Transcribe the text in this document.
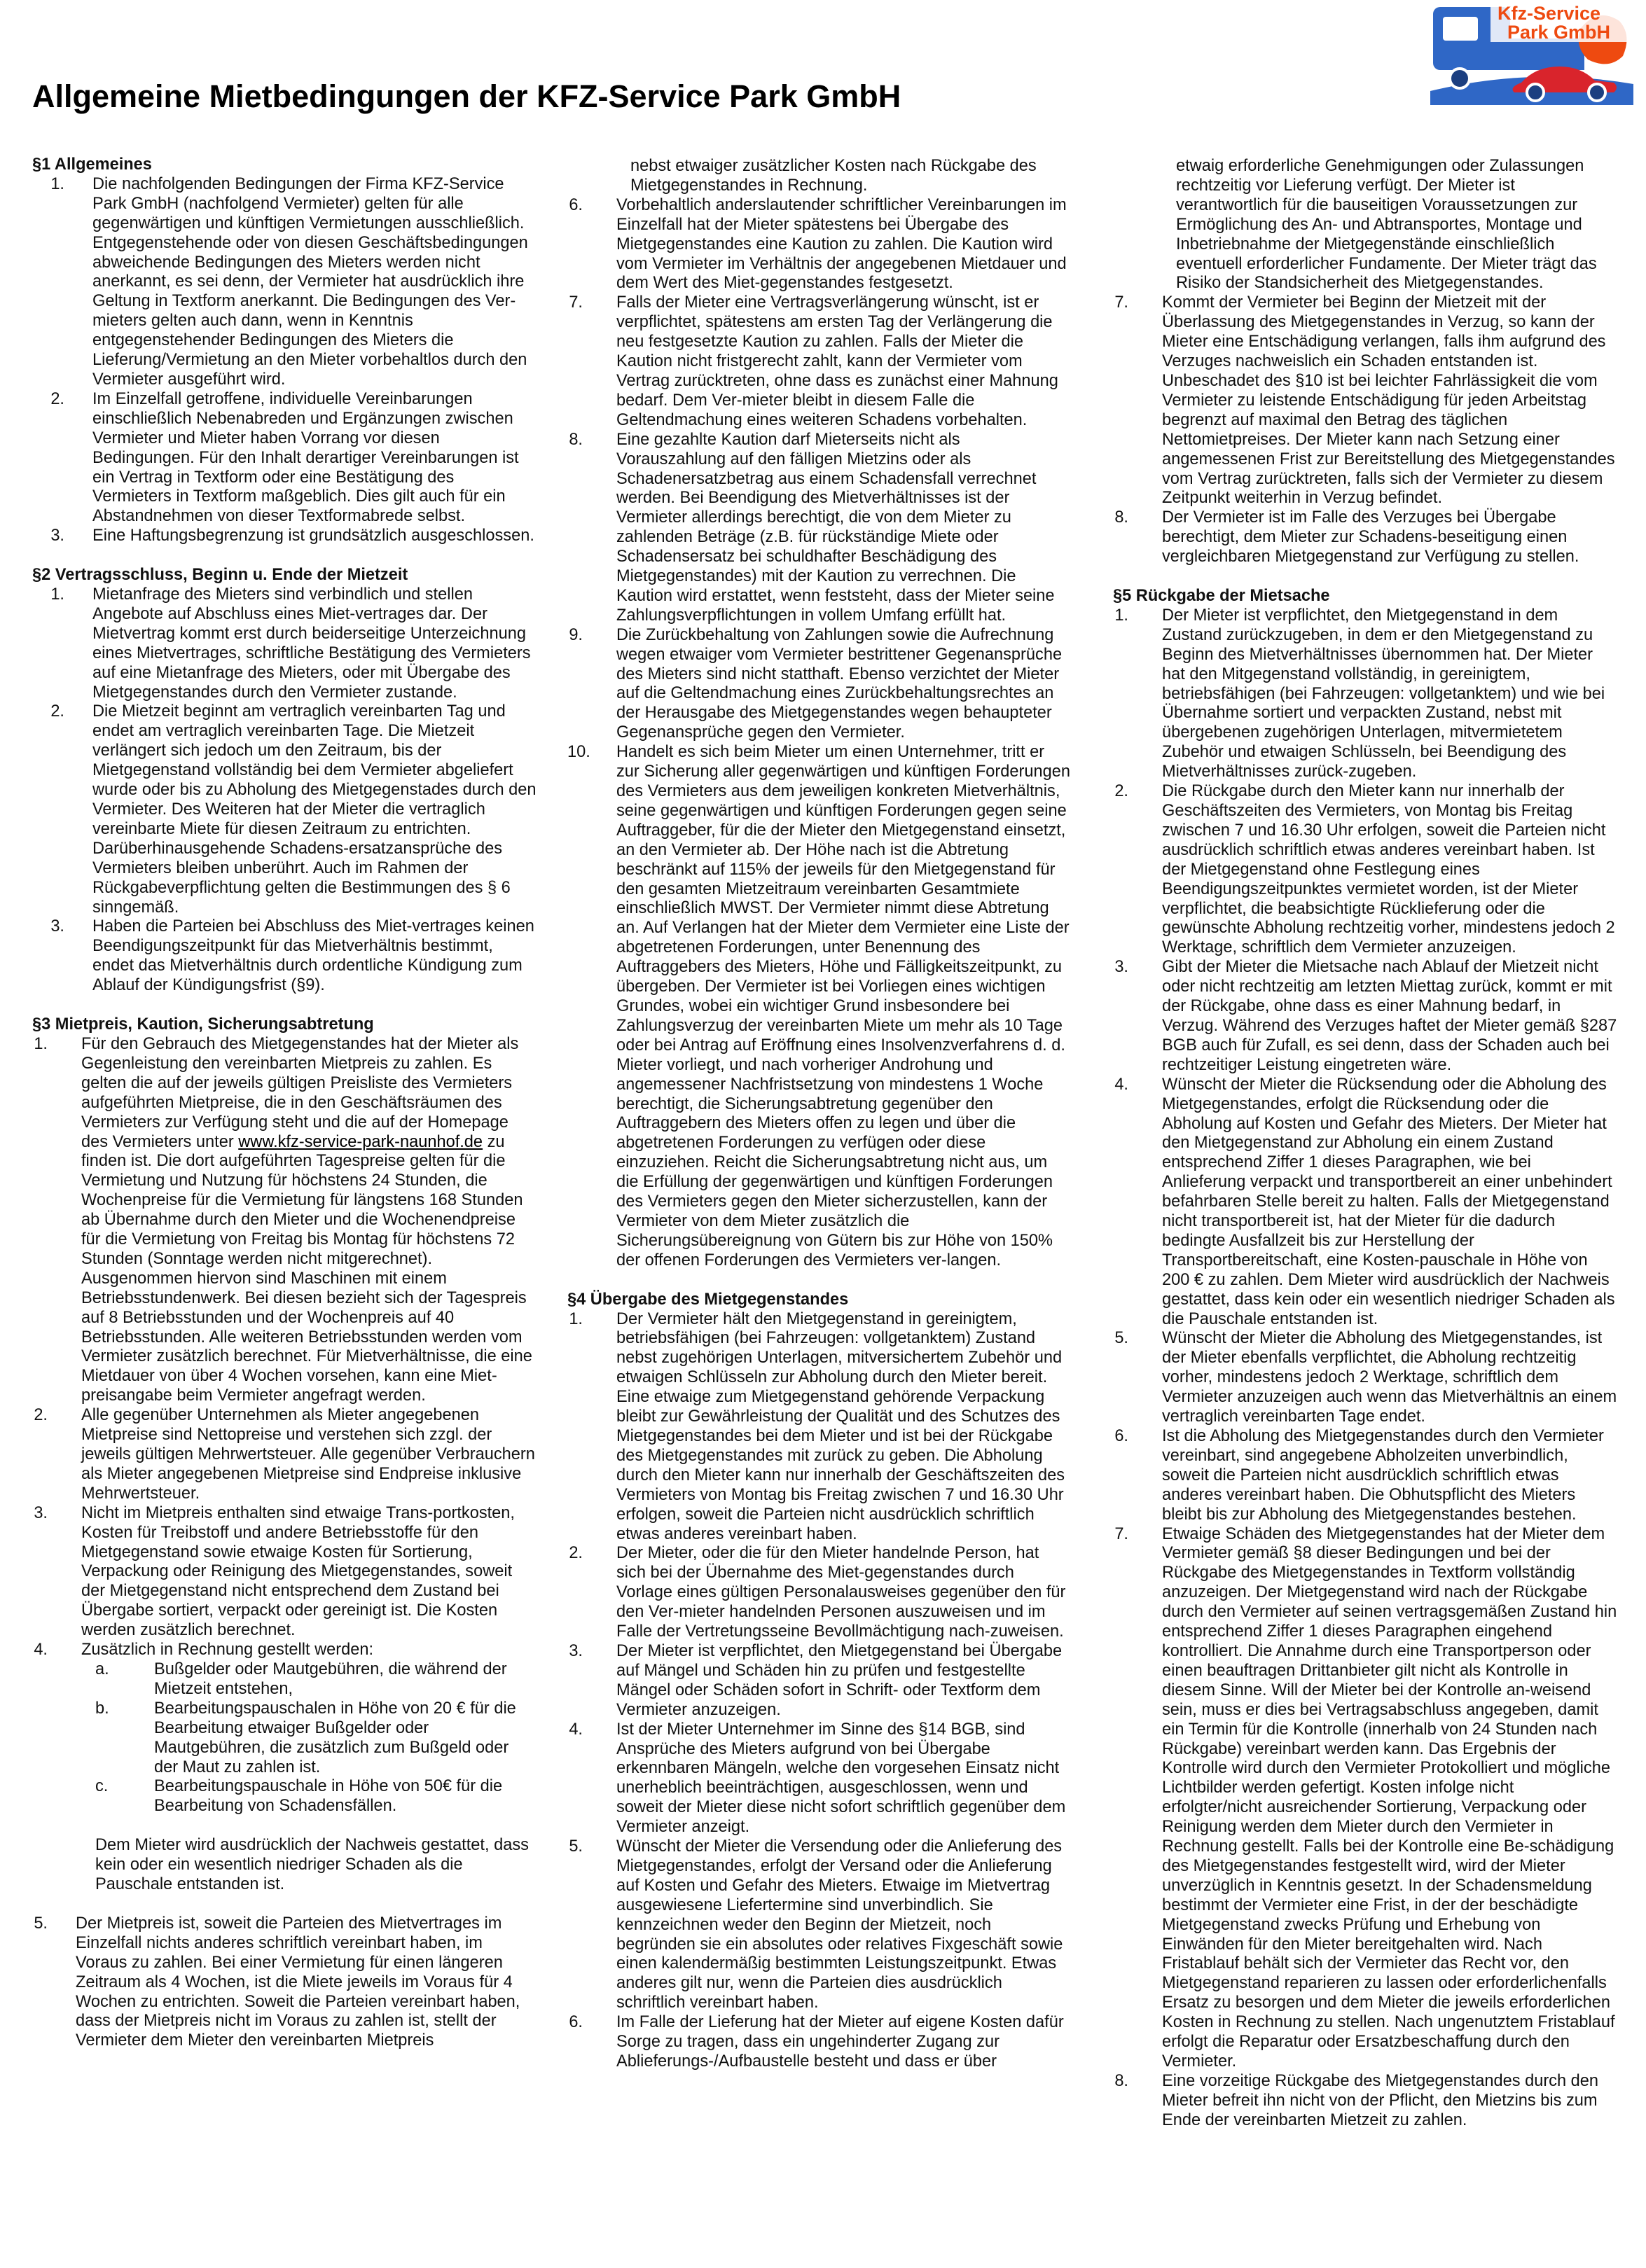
Kfz-Service
Park GmbH
Allgemeine Mietbedingungen der KFZ-Service Park GmbH
§1 Allgemeines
1.	Die nachfolgenden Bedingungen der Firma KFZ-Service Park GmbH (nachfolgend Vermieter) gelten für alle gegenwärtigen und künftigen Vermietungen ausschließlich. Entgegenstehende oder von diesen Geschäftsbedingungen abweichende Bedingungen des Mieters werden nicht anerkannt, es sei denn, der Vermieter hat ausdrücklich ihre Geltung in Textform anerkannt. Die Bedingungen des Ver-mieters gelten auch dann, wenn in Kenntnis entgegenstehender Bedingungen des Mieters die Lieferung/Vermietung an den Mieter vorbehaltlos durch den Vermieter ausgeführt wird.
2.	Im Einzelfall getroffene, individuelle Vereinbarungen einschließlich Nebenabreden und Ergänzungen zwischen Vermieter und Mieter haben Vorrang vor diesen Bedingungen. Für den Inhalt derartiger Vereinbarungen ist ein Vertrag in Textform oder eine Bestätigung des Vermieters in Textform maßgeblich. Dies gilt auch für ein Abstandnehmen von dieser Textformabrede selbst.
3.	Eine Haftungsbegrenzung ist grundsätzlich ausgeschlossen.
§2 Vertragsschluss, Beginn u. Ende der Mietzeit
1.	Mietanfrage des Mieters sind verbindlich und stellen Angebote auf Abschluss eines Miet-vertrages dar. Der Mietvertrag kommt erst durch beiderseitige Unterzeichnung eines Mietvertrages, schriftliche Bestätigung des Vermieters auf eine Mietanfrage des Mieters, oder mit Übergabe des Mietgegenstandes durch den Vermieter zustande.
2.	Die Mietzeit beginnt am vertraglich vereinbarten Tag und endet am vertraglich vereinbarten Tage. Die Mietzeit verlängert sich jedoch um den Zeitraum, bis der Mietgegenstand vollständig bei dem Vermieter abgeliefert wurde oder bis zu Abholung des Mietgegenstades durch den Vermieter. Des Weiteren hat der Mieter die vertraglich vereinbarte Miete für diesen Zeitraum zu entrichten. Darüberhinausgehende Schadens-ersatzansprüche des Vermieters bleiben unberührt. Auch im Rahmen der Rückgabeverpflichtung gelten die Bestimmungen des § 6 sinngemäß.
3.	Haben die Parteien bei Abschluss des Miet-vertrages keinen Beendigungszeitpunkt für das Mietverhältnis bestimmt, endet das Mietverhältnis durch ordentliche Kündigung zum Ablauf der Kündigungsfrist (§9).
§3 Mietpreis, Kaution, Sicherungsabtretung
1.	Für den Gebrauch des Mietgegenstandes hat der Mieter als Gegenleistung den vereinbarten Mietpreis zu zahlen. Es gelten die auf der jeweils gültigen Preisliste des Vermieters aufgeführten Mietpreise, die in den Geschäftsräumen des Vermieters zur Verfügung steht und die auf der Homepage des Vermieters unter www.kfz-service-park-naunhof.de zu finden ist. Die dort aufgeführten Tagespreise gelten für die Vermietung und Nutzung für höchstens 24 Stunden, die Wochenpreise für die Vermietung für längstens 168 Stunden ab Übernahme durch den Mieter und die Wochenendpreise für die Vermietung von Freitag bis Montag für höchstens 72 Stunden (Sonntage werden nicht mitgerechnet). Ausgenommen hiervon sind Maschinen mit einem Betriebsstundenwerk. Bei diesen bezieht sich der Tagespreis auf 8 Betriebsstunden und der Wochenpreis auf 40 Betriebsstunden. Alle weiteren Betriebsstunden werden vom Vermieter zusätzlich berechnet. Für Mietverhältnisse, die eine Mietdauer von über 4 Wochen vorsehen, kann eine Miet-preisangabe beim Vermieter angefragt werden.
2.	Alle gegenüber Unternehmen als Mieter angegebenen Mietpreise sind Nettopreise und verstehen sich zzgl. der jeweils gültigen Mehrwertsteuer. Alle gegenüber Verbrauchern als Mieter angegebenen Mietpreise sind Endpreise inklusive Mehrwertsteuer.
3.	Nicht im Mietpreis enthalten sind etwaige Trans-portkosten, Kosten für Treibstoff und andere Betriebsstoffe für den Mietgegenstand sowie etwaige Kosten für Sortierung, Verpackung oder Reinigung des Mietgegenstandes, soweit der Mietgegenstand nicht entsprechend dem Zustand bei Übergabe sortiert, verpackt oder gereinigt ist. Die Kosten werden zusätzlich berechnet.
4.	Zusätzlich in Rechnung gestellt werden:
a.	Bußgelder oder Mautgebühren, die während der Mietzeit entstehen,
b.	Bearbeitungspauschalen in Höhe von 20 € für die Bearbeitung etwaiger Bußgelder oder Mautgebühren, die zusätzlich zum Bußgeld oder der Maut zu zahlen ist.
c.	Bearbeitungspauschale in Höhe von 50€ für die Bearbeitung von Schadensfällen.
Dem Mieter wird ausdrücklich der Nachweis gestattet, dass kein oder ein wesentlich niedriger Schaden als die Pauschale entstanden ist.
5.	Der Mietpreis ist, soweit die Parteien des Mietvertrages im Einzelfall nichts anderes schriftlich vereinbart haben, im Voraus zu zahlen. Bei einer Vermietung für einen längeren Zeitraum als 4 Wochen, ist die Miete jeweils im Voraus für 4 Wochen zu entrichten. Soweit die Parteien vereinbart haben, dass der Mietpreis nicht im Voraus zu zahlen ist, stellt der Vermieter dem Mieter den vereinbarten Mietpreis
nebst etwaiger zusätzlicher Kosten nach Rückgabe des Mietgegenstandes in Rechnung.
6.	Vorbehaltlich anderslautender schriftlicher Vereinbarungen im Einzelfall hat der Mieter spätestens bei Übergabe des Mietgegenstandes eine Kaution zu zahlen. Die Kaution wird vom Vermieter im Verhältnis der angegebenen Mietdauer und dem Wert des Miet-gegenstandes festgesetzt.
7.	Falls der Mieter eine Vertragsverlängerung wünscht, ist er verpflichtet, spätestens am ersten Tag der Verlängerung die neu festgesetzte Kaution zu zahlen. Falls der Mieter die Kaution nicht fristgerecht zahlt, kann der Vermieter vom Vertrag zurücktreten, ohne dass es zunächst einer Mahnung bedarf. Dem Ver-mieter bleibt in diesem Falle die Geltendmachung eines weiteren Schadens vorbehalten.
8.	Eine gezahlte Kaution darf Mieterseits nicht als Vorauszahlung auf den fälligen Mietzins oder als Schadenersatzbetrag aus einem Schadensfall verrechnet werden. Bei Beendigung des Mietverhältnisses ist der Vermieter allerdings berechtigt, die von dem Mieter zu zahlenden Beträge (z.B. für rückständige Miete oder Schadensersatz bei schuldhafter Beschädigung des Mietgegenstandes) mit der Kaution zu verrechnen. Die Kaution wird erstattet, wenn feststeht, dass der Mieter seine Zahlungsverpflichtungen in vollem Umfang erfüllt hat.
9.	Die Zurückbehaltung von Zahlungen sowie die Aufrechnung wegen etwaiger vom Vermieter bestrittener Gegenansprüche des Mieters sind nicht statthaft. Ebenso verzichtet der Mieter auf die Geltendmachung eines Zurückbehaltungsrechtes an der Herausgabe des Mietgegenstandes wegen behaupteter Gegenansprüche gegen den Vermieter.
10.	Handelt es sich beim Mieter um einen Unternehmer, tritt er zur Sicherung aller gegenwärtigen und künftigen Forderungen des Vermieters aus dem jeweiligen konkreten Mietverhältnis, seine gegenwärtigen und künftigen Forderungen gegen seine Auftraggeber, für die der Mieter den Mietgegenstand einsetzt, an den Vermieter ab. Der Höhe nach ist die Abtretung beschränkt auf 115% der jeweils für den Mietgegenstand für den gesamten Mietzeitraum vereinbarten Gesamtmiete einschließlich MWST. Der Vermieter nimmt diese Abtretung an. Auf Verlangen hat der Mieter dem Vermieter eine Liste der abgetretenen Forderungen, unter Benennung des Auftraggebers des Mieters, Höhe und Fälligkeitszeitpunkt, zu übergeben. Der Vermieter ist bei Vorliegen eines wichtigen Grundes, wobei ein wichtiger Grund insbesondere bei Zahlungsverzug der vereinbarten Miete um mehr als 10 Tage oder bei Antrag auf Eröffnung eines Insolvenzverfahrens d. d. Mieter vorliegt, und nach vorheriger Androhung und angemessener Nachfristsetzung von mindestens 1 Woche berechtigt, die Sicherungsabtretung gegenüber den Auftraggebern des Mieters offen zu legen und über die abgetretenen Forderungen zu verfügen oder diese einzuziehen. Reicht die Sicherungsabtretung nicht aus, um die Erfüllung der gegenwärtigen und künftigen Forderungen des Vermieters gegen den Mieter sicherzustellen, kann der Vermieter von dem Mieter zusätzlich die Sicherungsübereignung von Gütern bis zur Höhe von 150% der offenen Forderungen des Vermieters ver-langen.
§4 Übergabe des Mietgegenstandes
1.	Der Vermieter hält den Mietgegenstand in gereinigtem, betriebsfähigen (bei Fahrzeugen: vollgetanktem) Zustand nebst zugehörigen Unterlagen, mitversichertem Zubehör und etwaigen Schlüsseln zur Abholung durch den Mieter bereit. Eine etwaige zum Mietgegenstand gehörende Verpackung bleibt zur Gewährleistung der Qualität und des Schutzes des Mietgegenstandes bei dem Mieter und ist bei der Rückgabe des Mietgegenstandes mit zurück zu geben. Die Abholung durch den Mieter kann nur innerhalb der Geschäftszeiten des Vermieters von Montag bis Freitag zwischen 7 und 16.30 Uhr erfolgen, soweit die Parteien nicht ausdrücklich schriftlich etwas anderes vereinbart haben.
2.	Der Mieter, oder die für den Mieter handelnde Person, hat sich bei der Übernahme des Miet-gegenstandes durch Vorlage eines gültigen Personalausweises gegenüber den für den Ver-mieter handelnden Personen auszuweisen und im Falle der Vertretungsseine Bevollmächtigung nach-zuweisen.
3.	Der Mieter ist verpflichtet, den Mietgegenstand bei Übergabe auf Mängel und Schäden hin zu prüfen und festgestellte Mängel oder Schäden sofort in Schrift- oder Textform dem Vermieter anzuzeigen.
4.	Ist der Mieter Unternehmer im Sinne des §14 BGB, sind Ansprüche des Mieters aufgrund von bei Übergabe erkennbaren Mängeln, welche den vorgesehen Einsatz nicht unerheblich beeinträchtigen, ausgeschlossen, wenn und soweit der Mieter diese nicht sofort schriftlich gegenüber dem Vermieter anzeigt.
5.	Wünscht der Mieter die Versendung oder die Anlieferung des Mietgegenstandes, erfolgt der Versand oder die Anlieferung auf Kosten und Gefahr des Mieters. Etwaige im Mietvertrag ausgewiesene Liefertermine sind unverbindlich. Sie kennzeichnen weder den Beginn der Mietzeit, noch begründen sie ein absolutes oder relatives Fixgeschäft sowie einen kalendermäßig bestimmten Leistungszeitpunkt. Etwas anderes gilt nur, wenn die Parteien dies ausdrücklich schriftlich vereinbart haben.
6.	Im Falle der Lieferung hat der Mieter auf eigene Kosten dafür Sorge zu tragen, dass ein ungehinderter Zugang zur Ablieferungs-/Aufbaustelle besteht und dass er über
etwaig erforderliche Genehmigungen oder Zulassungen rechtzeitig vor Lieferung verfügt. Der Mieter ist verantwortlich für die bauseitigen Voraussetzungen zur Ermöglichung des An- und Abtransportes, Montage und Inbetriebnahme der Mietgegenstände einschließlich eventuell erforderlicher Fundamente. Der Mieter trägt das Risiko der Standsicherheit des Mietgegenstandes.
7.	Kommt der Vermieter bei Beginn der Mietzeit mit der Überlassung des Mietgegenstandes in Verzug, so kann der Mieter eine Entschädigung verlangen, falls ihm aufgrund des Verzuges nachweislich ein Schaden entstanden ist. Unbeschadet des §10 ist bei leichter Fahrlässigkeit die vom Vermieter zu leistende Entschädigung für jeden Arbeitstag begrenzt auf maximal den Betrag des täglichen Nettomietpreises. Der Mieter kann nach Setzung einer angemessenen Frist zur Bereitstellung des Mietgegenstandes vom Vertrag zurücktreten, falls sich der Vermieter zu diesem Zeitpunkt weiterhin in Verzug befindet.
8.	Der Vermieter ist im Falle des Verzuges bei Übergabe berechtigt, dem Mieter zur Schadens-beseitigung einen vergleichbaren Mietgegenstand zur Verfügung zu stellen.
§5 Rückgabe der Mietsache
1.	Der Mieter ist verpflichtet, den Mietgegenstand in dem Zustand zurückzugeben, in dem er den Mietgegenstand zu Beginn des Mietverhältnisses übernommen hat. Der Mieter hat den Mitgegenstand vollständig, in gereinigtem, betriebsfähigen (bei Fahrzeugen: vollgetanktem) und wie bei Übernahme sortiert und verpackten Zustand, nebst mit übergebenen zugehörigen Unterlagen, mitvermietetem Zubehör und etwaigen Schlüsseln, bei Beendigung des Mietverhältnisses zurück-zugeben.
2.	Die Rückgabe durch den Mieter kann nur innerhalb der Geschäftszeiten des Vermieters, von Montag bis Freitag zwischen 7 und 16.30 Uhr erfolgen, soweit die Parteien nicht ausdrücklich schriftlich etwas anderes vereinbart haben. Ist der Mietgegenstand ohne Festlegung eines Beendigungszeitpunktes vermietet worden, ist der Mieter verpflichtet, die beabsichtigte Rücklieferung oder die gewünschte Abholung rechtzeitig vorher, mindestens jedoch 2 Werktage, schriftlich dem Vermieter anzuzeigen.
3.	Gibt der Mieter die Mietsache nach Ablauf der Mietzeit nicht oder nicht rechtzeitig am letzten Miettag zurück, kommt er mit der Rückgabe, ohne dass es einer Mahnung bedarf, in Verzug. Während des Verzuges haftet der Mieter gemäß §287 BGB auch für Zufall, es sei denn, dass der Schaden auch bei rechtzeitiger Leistung eingetreten wäre.
4.	Wünscht der Mieter die Rücksendung oder die Abholung des Mietgegenstandes, erfolgt die Rücksendung oder die Abholung auf Kosten und Gefahr des Mieters. Der Mieter hat den Mietgegenstand zur Abholung ein einem Zustand entsprechend Ziffer 1 dieses Paragraphen, wie bei Anlieferung verpackt und transportbereit an einer unbehindert befahrbaren Stelle bereit zu halten. Falls der Mietgegenstand nicht transportbereit ist, hat der Mieter für die dadurch bedingte Ausfallzeit bis zur Herstellung der Transportbereitschaft, eine Kosten-pauschale in Höhe von 200 € zu zahlen. Dem Mieter wird ausdrücklich der Nachweis gestattet, dass kein oder ein wesentlich niedriger Schaden als die Pauschale entstanden ist.
5.	Wünscht der Mieter die Abholung des Mietgegenstandes, ist der Mieter ebenfalls verpflichtet, die Abholung rechtzeitig vorher, mindestens jedoch 2 Werktage, schriftlich dem Vermieter anzuzeigen auch wenn das Mietverhältnis an einem vertraglich vereinbarten Tage endet.
6.	Ist die Abholung des Mietgegenstandes durch den Vermieter vereinbart, sind angegebene Abholzeiten unverbindlich, soweit die Parteien nicht ausdrücklich schriftlich etwas anderes vereinbart haben. Die Obhutspflicht des Mieters bleibt bis zur Abholung des Mietgegenstandes bestehen.
7.	Etwaige Schäden des Mietgegenstandes hat der Mieter dem Vermieter gemäß §8 dieser Bedingungen und bei der Rückgabe des Mietgegenstandes in Textform vollständig anzuzeigen. Der Mietgegenstand wird nach der Rückgabe durch den Vermieter auf seinen vertragsgemäßen Zustand hin entsprechend Ziffer 1 dieses Paragraphen eingehend kontrolliert. Die Annahme durch eine Transportperson oder einen beauftragen Drittanbieter gilt nicht als Kontrolle in diesem Sinne. Will der Mieter bei der Kontrolle an-weisend sein, muss er dies bei Vertragsabschluss angegeben, damit ein Termin für die Kontrolle (innerhalb von 24 Stunden nach Rückgabe) vereinbart werden kann. Das Ergebnis der Kontrolle wird durch den Vermieter Protokolliert und mögliche Lichtbilder werden gefertigt. Kosten infolge nicht erfolgter/nicht ausreichender Sortierung, Verpackung oder Reinigung werden dem Mieter durch den Vermieter in Rechnung gestellt. Falls bei der Kontrolle eine Be-schädigung des Mietgegenstandes festgestellt wird, wird der Mieter unverzüglich in Kenntnis gesetzt. In der Schadensmeldung bestimmt der Vermieter eine Frist, in der der beschädigte Mietgegenstand zwecks Prüfung und Erhebung von Einwänden für den Mieter bereitgehalten wird. Nach Fristablauf behält sich der Vermieter das Recht vor, den Mietgegenstand reparieren zu lassen oder erforderlichenfalls Ersatz zu besorgen und dem Mieter die jeweils erforderlichen Kosten in Rechnung zu stellen. Nach ungenutztem Fristablauf erfolgt die Reparatur oder Ersatzbeschaffung durch den Vermieter.
8.	Eine vorzeitige Rückgabe des Mietgegenstandes durch den Mieter befreit ihn nicht von der Pflicht, den Mietzins bis zum Ende der vereinbarten Mietzeit zu zahlen.
